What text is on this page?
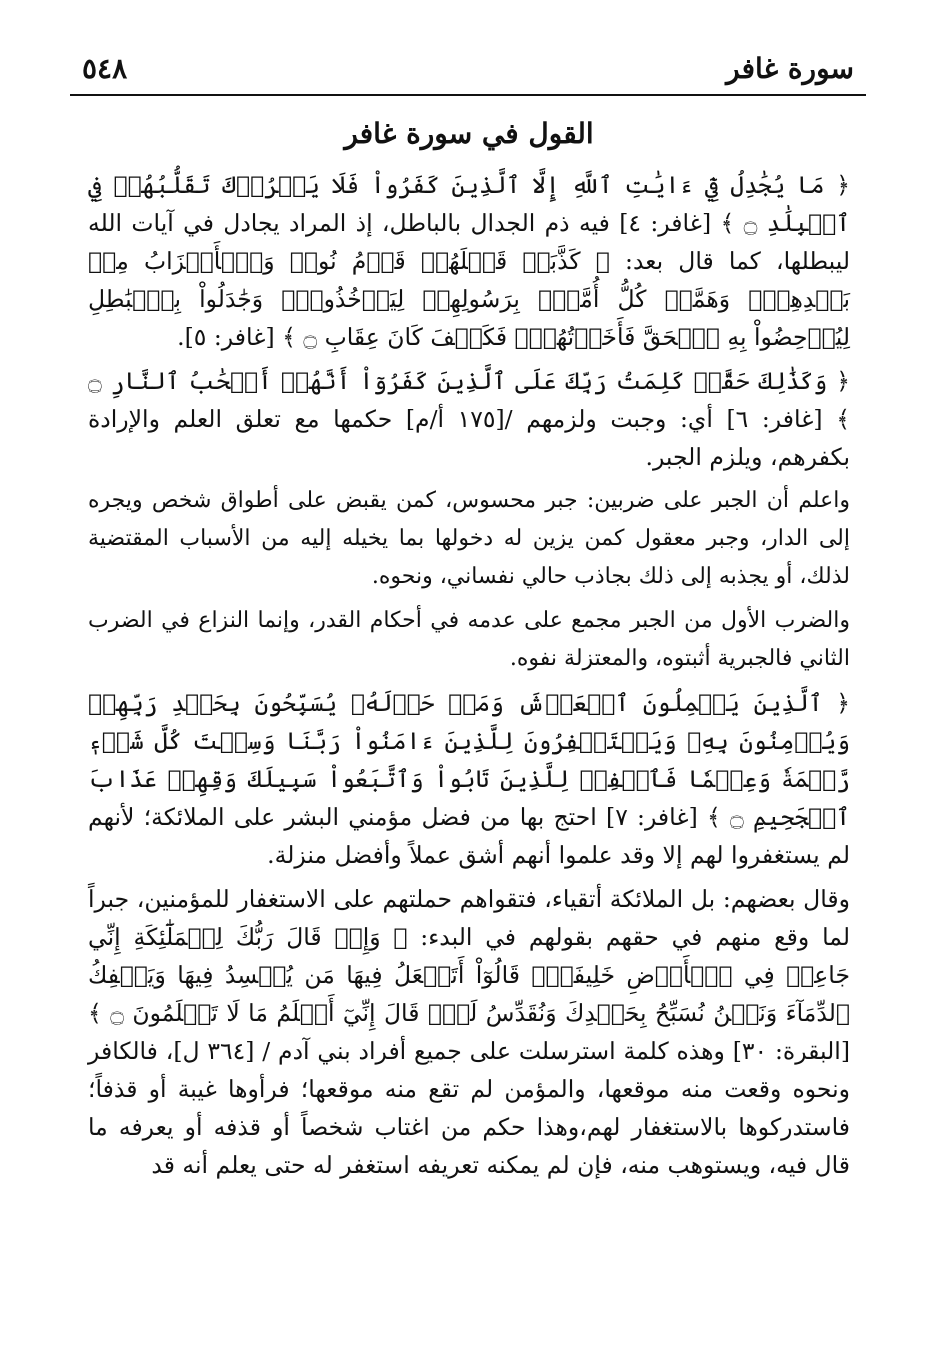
سورة غافر
٥٤٨
القول في سورة غافر

﴿ مَا يُجَٰدِلُ فِيٓ ءَايَٰتِ ٱللَّهِ إِلَّا ٱلَّذِينَ كَفَرُواْ فَلَا يَغۡرُرۡكَ تَقَلُّبُهُمۡ فِي ٱلۡبِلَٰدِ ۝ ﴾ [غافر: ٤] فيه ذم الجدال بالباطل، إذ المراد يجادل في آيات الله ليبطلها، كما قال بعد: ﴿ كَذَّبَتۡ قَبۡلَهُمۡ قَوۡمُ نُوحٖ وَٱلۡأَحۡزَابُ مِنۢ بَعۡدِهِمۡۖ وَهَمَّتۡ كُلُّ أُمَّةِۭ بِرَسُولِهِمۡ لِيَأۡخُذُوهُۖ وَجَٰدَلُواْ بِٱلۡبَٰطِلِ لِيُدۡحِضُواْ بِهِ ٱلۡحَقَّ فَأَخَذۡتُهُمۡۖ فَكَيۡفَ كَانَ عِقَابِ ۝ ﴾ [غافر: ٥].

﴿ وَكَذَٰلِكَ حَقَّتۡ كَلِمَتُ رَبِّكَ عَلَى ٱلَّذِينَ كَفَرُوٓاْ أَنَّهُمۡ أَصۡحَٰبُ ٱلنَّارِ ۝ ﴾ [غافر: ٦] أي: وجبت ولزمهم /[١٧٥ أ/م] حكمها مع تعلق العلم والإرادة بكفرهم، ويلزم الجبر.

واعلم أن الجبر على ضربين: جبر محسوس، كمن يقبض على أطواق شخص ويجره إلى الدار، وجبر معقول كمن يزين له دخولها بما يخيله إليه من الأسباب المقتضية لذلك، أو يجذبه إلى ذلك بجاذب حالي نفساني، ونحوه.

والضرب الأول من الجبر مجمع على عدمه في أحكام القدر، وإنما النزاع في الضرب الثاني فالجبرية أثبتوه، والمعتزلة نفوه.

﴿ ٱلَّذِينَ يَحۡمِلُونَ ٱلۡعَرۡشَ وَمَنۡ حَوۡلَهُۥ يُسَبِّحُونَ بِحَمۡدِ رَبِّهِمۡ وَيُؤۡمِنُونَ بِهِۦ وَيَسۡتَغۡفِرُونَ لِلَّذِينَ ءَامَنُواْ رَبَّنَا وَسِعۡتَ كُلَّ شَيۡءٖ رَّحۡمَةٗ وَعِلۡمٗا فَٱغۡفِرۡ لِلَّذِينَ تَابُواْ وَٱتَّبَعُواْ سَبِيلَكَ وَقِهِمۡ عَذَابَ ٱلۡجَحِيمِ ۝ ﴾ [غافر: ٧] احتج بها من فضل مؤمني البشر على الملائكة؛ لأنهم لم يستغفروا لهم إلا وقد علموا أنهم أشق عملاً وأفضل منزلة.

وقال بعضهم: بل الملائكة أتقياء، فتقواهم حملتهم على الاستغفار للمؤمنين، جبراً لما وقع منهم في حقهم بقولهم في البدء: ﴿ وَإِذۡ قَالَ رَبُّكَ لِلۡمَلَٰٓئِكَةِ إِنِّي جَاعِلٞ فِي ٱلۡأَرۡضِ خَلِيفَةٗۖ قَالُوٓاْ أَتَجۡعَلُ فِيهَا مَن يُفۡسِدُ فِيهَا وَيَسۡفِكُ ٱلدِّمَآءَ وَنَحۡنُ نُسَبِّحُ بِحَمۡدِكَ وَنُقَدِّسُ لَكَۖ قَالَ إِنِّيٓ أَعۡلَمُ مَا لَا تَعۡلَمُونَ ۝ ﴾ [البقرة: ٣٠] وهذه كلمة استرسلت على جميع أفراد بني آدم / [٣٦٤ ل]، فالكافر ونحوه وقعت منه موقعها، والمؤمن لم تقع منه موقعها؛ فرأوها غيبة أو قذفاً؛ فاستدركوها بالاستغفار لهم،وهذا حكم من اغتاب شخصاً أو قذفه أو يعرفه ما قال فيه، ويستوهب منه، فإن لم يمكنه تعريفه استغفر له حتى يعلم أنه قد
